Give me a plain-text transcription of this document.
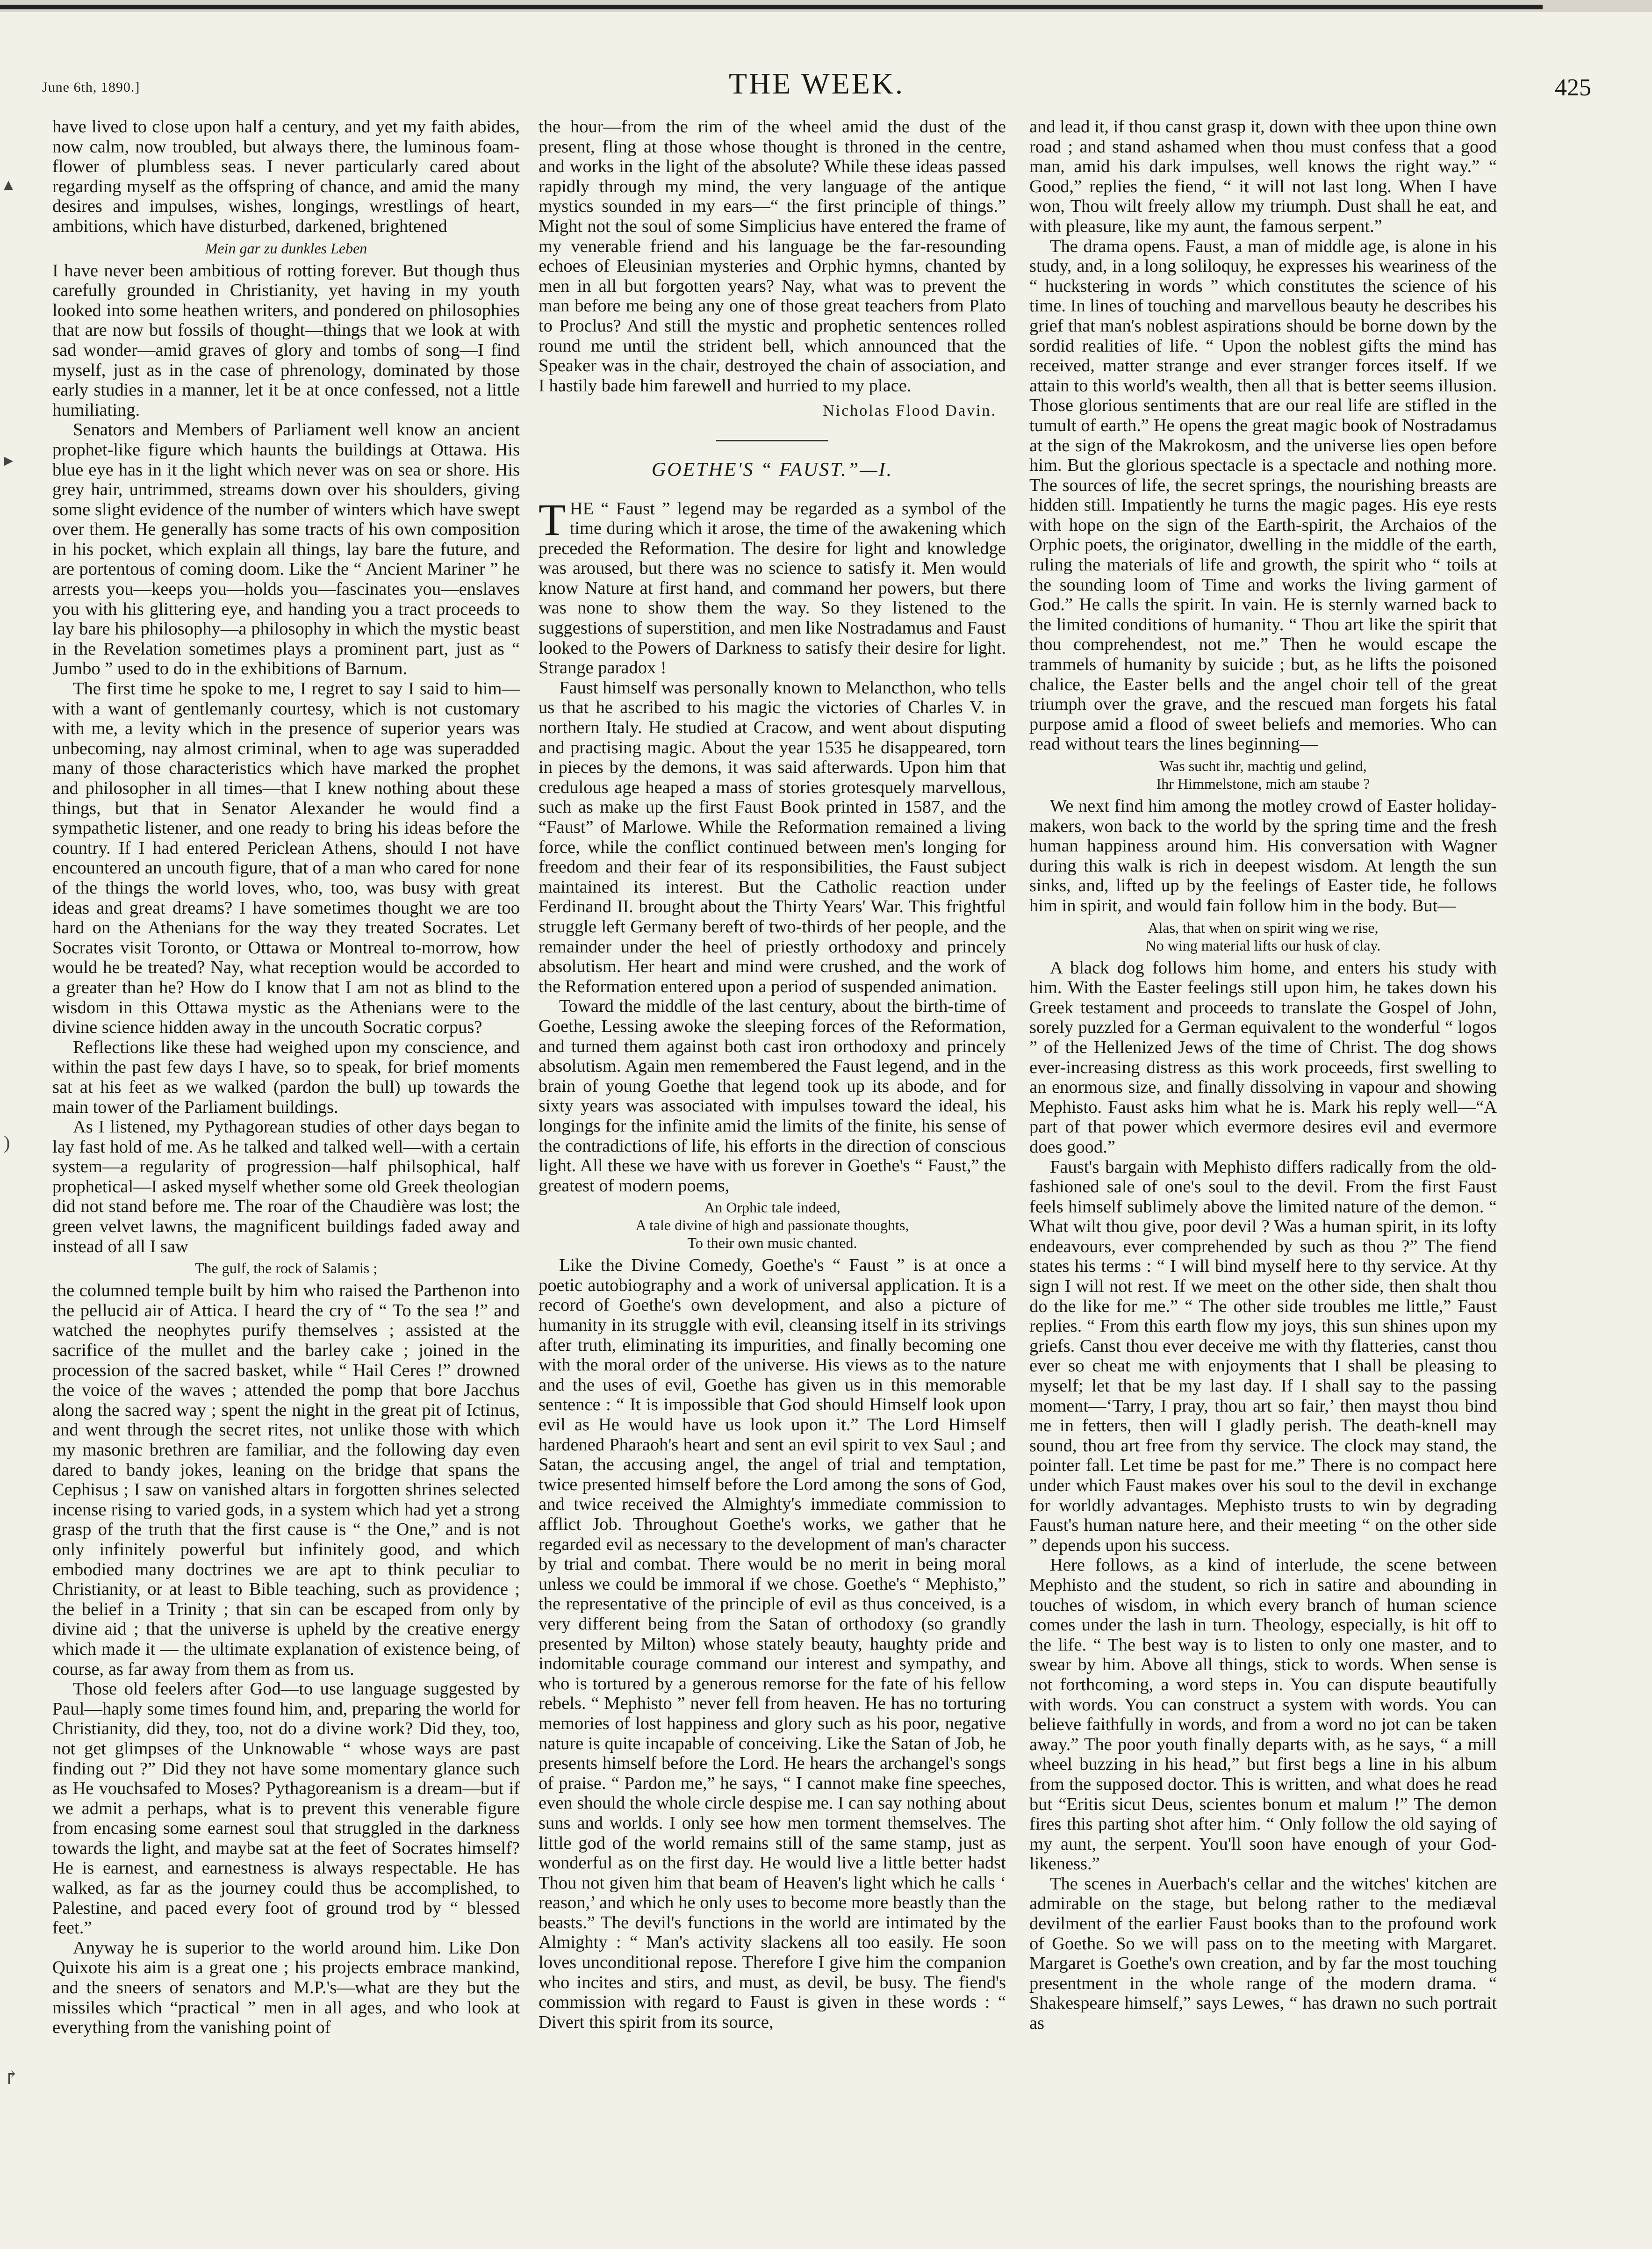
June 6th, 1890.]	THE WEEK.	425
▴
▸
)
↱

have lived to close upon half a century, and yet my faith abides, now calm, now troubled, but always there, the luminous foam-flower of plumbless seas. I never particularly cared about regarding myself as the offspring of chance, and amid the many desires and impulses, wishes, longings, wrestlings of heart, ambitions, which have disturbed, darkened, brightened

Mein gar zu dunkles Leben

I have never been ambitious of rotting forever. But though thus carefully grounded in Christianity, yet having in my youth looked into some heathen writers, and pondered on philosophies that are now but fossils of thought—things that we look at with sad wonder—amid graves of glory and tombs of song—I find myself, just as in the case of phrenology, dominated by those early studies in a manner, let it be at once confessed, not a little humiliating.

Senators and Members of Parliament well know an ancient prophet-like figure which haunts the buildings at Ottawa. His blue eye has in it the light which never was on sea or shore. His grey hair, untrimmed, streams down over his shoulders, giving some slight evidence of the number of winters which have swept over them. He generally has some tracts of his own composition in his pocket, which explain all things, lay bare the future, and are portentous of coming doom. Like the “ Ancient Mariner ” he arrests you—keeps you—holds you—fascinates you—enslaves you with his glittering eye, and handing you a tract proceeds to lay bare his philosophy—a philosophy in which the mystic beast in the Revelation sometimes plays a prominent part, just as “ Jumbo ” used to do in the exhibitions of Barnum.

The first time he spoke to me, I regret to say I said to him—with a want of gentlemanly courtesy, which is not customary with me, a levity which in the presence of superior years was unbecoming, nay almost criminal, when to age was superadded many of those characteristics which have marked the prophet and philosopher in all times—that I knew nothing about these things, but that in Senator Alexander he would find a sympathetic listener, and one ready to bring his ideas before the country. If I had entered Periclean Athens, should I not have encountered an uncouth figure, that of a man who cared for none of the things the world loves, who, too, was busy with great ideas and great dreams? I have sometimes thought we are too hard on the Athenians for the way they treated Socrates. Let Socrates visit Toronto, or Ottawa or Montreal to-morrow, how would he be treated? Nay, what reception would be accorded to a greater than he? How do I know that I am not as blind to the wisdom in this Ottawa mystic as the Athenians were to the divine science hidden away in the uncouth Socratic corpus?

Reflections like these had weighed upon my conscience, and within the past few days I have, so to speak, for brief moments sat at his feet as we walked (pardon the bull) up towards the main tower of the Parliament buildings.

As I listened, my Pythagorean studies of other days began to lay fast hold of me. As he talked and talked well—with a certain system—a regularity of progression—half philsophical, half prophetical—I asked myself whether some old Greek theologian did not stand before me. The roar of the Chaudière was lost; the green velvet lawns, the magnificent buildings faded away and instead of all I saw

The gulf, the rock of Salamis ;

the columned temple built by him who raised the Parthenon into the pellucid air of Attica. I heard the cry of “ To the sea !” and watched the neophytes purify themselves ; assisted at the sacrifice of the mullet and the barley cake ; joined in the procession of the sacred basket, while “ Hail Ceres !” drowned the voice of the waves ; attended the pomp that bore Jacchus along the sacred way ; spent the night in the great pit of Ictinus, and went through the secret rites, not unlike those with which my masonic brethren are familiar, and the following day even dared to bandy jokes, leaning on the bridge that spans the Cephisus ; I saw on vanished altars in forgotten shrines selected incense rising to varied gods, in a system which had yet a strong grasp of the truth that the first cause is “ the One,” and is not only infinitely powerful but infinitely good, and which embodied many doctrines we are apt to think peculiar to Christianity, or at least to Bible teaching, such as providence ; the belief in a Trinity ; that sin can be escaped from only by divine aid ; that the universe is upheld by the creative energy which made it — the ultimate explanation of existence being, of course, as far away from them as from us.

Those old feelers after God—to use language suggested by Paul—haply some times found him, and, preparing the world for Christianity, did they, too, not do a divine work? Did they, too, not get glimpses of the Unknowable “ whose ways are past finding out ?” Did they not have some momentary glance such as He vouchsafed to Moses? Pythagoreanism is a dream—but if we admit a perhaps, what is to prevent this venerable figure from encasing some earnest soul that struggled in the darkness towards the light, and maybe sat at the feet of Socrates himself? He is earnest, and earnestness is always respectable. He has walked, as far as the journey could thus be accomplished, to Palestine, and paced every foot of ground trod by “ blessed feet.”

Anyway he is superior to the world around him. Like Don Quixote his aim is a great one ; his projects embrace mankind, and the sneers of senators and M.P.'s—what are they but the missiles which “practical ” men in all ages, and who look at everything from the vanishing point of

the hour—from the rim of the wheel amid the dust of the present, fling at those whose thought is throned in the centre, and works in the light of the absolute? While these ideas passed rapidly through my mind, the very language of the antique mystics sounded in my ears—“ the first principle of things.” Might not the soul of some Simplicius have entered the frame of my venerable friend and his language be the far-resounding echoes of Eleusinian mysteries and Orphic hymns, chanted by men in all but forgotten years? Nay, what was to prevent the man before me being any one of those great teachers from Plato to Proclus? And still the mystic and prophetic sentences rolled round me until the strident bell, which announced that the Speaker was in the chair, destroyed the chain of association, and I hastily bade him farewell and hurried to my place.

Nicholas Flood Davin.

GOETHE'S “ FAUST.”—I.

THE “ Faust ” legend may be regarded as a symbol of the time during which it arose, the time of the awakening which preceded the Reformation. The desire for light and knowledge was aroused, but there was no science to satisfy it. Men would know Nature at first hand, and command her powers, but there was none to show them the way. So they listened to the suggestions of superstition, and men like Nostradamus and Faust looked to the Powers of Darkness to satisfy their desire for light. Strange paradox !

Faust himself was personally known to Melancthon, who tells us that he ascribed to his magic the victories of Charles V. in northern Italy. He studied at Cracow, and went about disputing and practising magic. About the year 1535 he disappeared, torn in pieces by the demons, it was said afterwards. Upon him that credulous age heaped a mass of stories grotesquely marvellous, such as make up the first Faust Book printed in 1587, and the “Faust” of Marlowe. While the Reformation remained a living force, while the conflict continued between men's longing for freedom and their fear of its responsibilities, the Faust subject maintained its interest. But the Catholic reaction under Ferdinand II. brought about the Thirty Years' War. This frightful struggle left Germany bereft of two-thirds of her people, and the remainder under the heel of priestly orthodoxy and princely absolutism. Her heart and mind were crushed, and the work of the Reformation entered upon a period of suspended animation.

Toward the middle of the last century, about the birth-time of Goethe, Lessing awoke the sleeping forces of the Reformation, and turned them against both cast iron orthodoxy and princely absolutism. Again men remembered the Faust legend, and in the brain of young Goethe that legend took up its abode, and for sixty years was associated with impulses toward the ideal, his longings for the infinite amid the limits of the finite, his sense of the contradictions of life, his efforts in the direction of conscious light. All these we have with us forever in Goethe's “ Faust,” the greatest of modern poems,

An Orphic tale indeed,

A tale divine of high and passionate thoughts,

To their own music chanted.

Like the Divine Comedy, Goethe's “ Faust ” is at once a poetic autobiography and a work of universal application. It is a record of Goethe's own development, and also a picture of humanity in its struggle with evil, cleansing itself in its strivings after truth, eliminating its impurities, and finally becoming one with the moral order of the universe. His views as to the nature and the uses of evil, Goethe has given us in this memorable sentence : “ It is impossible that God should Himself look upon evil as He would have us look upon it.” The Lord Himself hardened Pharaoh's heart and sent an evil spirit to vex Saul ; and Satan, the accusing angel, the angel of trial and temptation, twice presented himself before the Lord among the sons of God, and twice received the Almighty's immediate commission to afflict Job. Throughout Goethe's works, we gather that he regarded evil as necessary to the development of man's character by trial and combat. There would be no merit in being moral unless we could be immoral if we chose. Goethe's “ Mephisto,” the representative of the principle of evil as thus conceived, is a very different being from the Satan of orthodoxy (so grandly presented by Milton) whose stately beauty, haughty pride and indomitable courage command our interest and sympathy, and who is tortured by a generous remorse for the fate of his fellow rebels. “ Mephisto ” never fell from heaven. He has no torturing memories of lost happiness and glory such as his poor, negative nature is quite incapable of conceiving. Like the Satan of Job, he presents himself before the Lord. He hears the archangel's songs of praise. “ Pardon me,” he says, “ I cannot make fine speeches, even should the whole circle despise me. I can say nothing about suns and worlds. I only see how men torment themselves. The little god of the world remains still of the same stamp, just as wonderful as on the first day. He would live a little better hadst Thou not given him that beam of Heaven's light which he calls ‘ reason,’ and which he only uses to become more beastly than the beasts.” The devil's functions in the world are intimated by the Almighty : “ Man's activity slackens all too easily. He soon loves unconditional repose. Therefore I give him the companion who incites and stirs, and must, as devil, be busy. The fiend's commission with regard to Faust is given in these words : “ Divert this spirit from its source,

and lead it, if thou canst grasp it, down with thee upon thine own road ; and stand ashamed when thou must confess that a good man, amid his dark impulses, well knows the right way.” “ Good,” replies the fiend, “ it will not last long. When I have won, Thou wilt freely allow my triumph. Dust shall he eat, and with pleasure, like my aunt, the famous serpent.”

The drama opens. Faust, a man of middle age, is alone in his study, and, in a long soliloquy, he expresses his weariness of the “ huckstering in words ” which constitutes the science of his time. In lines of touching and marvellous beauty he describes his grief that man's noblest aspirations should be borne down by the sordid realities of life. “ Upon the noblest gifts the mind has received, matter strange and ever stranger forces itself. If we attain to this world's wealth, then all that is better seems illusion. Those glorious sentiments that are our real life are stifled in the tumult of earth.” He opens the great magic book of Nostradamus at the sign of the Makrokosm, and the universe lies open before him. But the glorious spectacle is a spectacle and nothing more. The sources of life, the secret springs, the nourishing breasts are hidden still. Impatiently he turns the magic pages. His eye rests with hope on the sign of the Earth-spirit, the Archaios of the Orphic poets, the originator, dwelling in the middle of the earth, ruling the materials of life and growth, the spirit who “ toils at the sounding loom of Time and works the living garment of God.” He calls the spirit. In vain. He is sternly warned back to the limited conditions of humanity. “ Thou art like the spirit that thou comprehendest, not me.” Then he would escape the trammels of humanity by suicide ; but, as he lifts the poisoned chalice, the Easter bells and the angel choir tell of the great triumph over the grave, and the rescued man forgets his fatal purpose amid a flood of sweet beliefs and memories. Who can read without tears the lines beginning—

Was sucht ihr, machtig und gelind,

Ihr Himmelstone, mich am staube ?

We next find him among the motley crowd of Easter holiday-makers, won back to the world by the spring time and the fresh human happiness around him. His conversation with Wagner during this walk is rich in deepest wisdom. At length the sun sinks, and, lifted up by the feelings of Easter tide, he follows him in spirit, and would fain follow him in the body. But—

Alas, that when on spirit wing we rise,

No wing material lifts our husk of clay.

A black dog follows him home, and enters his study with him. With the Easter feelings still upon him, he takes down his Greek testament and proceeds to translate the Gospel of John, sorely puzzled for a German equivalent to the wonderful “ logos ” of the Hellenized Jews of the time of Christ. The dog shows ever-increasing distress as this work proceeds, first swelling to an enormous size, and finally dissolving in vapour and showing Mephisto. Faust asks him what he is. Mark his reply well—“A part of that power which evermore desires evil and evermore does good.”

Faust's bargain with Mephisto differs radically from the old-fashioned sale of one's soul to the devil. From the first Faust feels himself sublimely above the limited nature of the demon. “ What wilt thou give, poor devil ? Was a human spirit, in its lofty endeavours, ever comprehended by such as thou ?” The fiend states his terms : “ I will bind myself here to thy service. At thy sign I will not rest. If we meet on the other side, then shalt thou do the like for me.” “ The other side troubles me little,” Faust replies. “ From this earth flow my joys, this sun shines upon my griefs. Canst thou ever deceive me with thy flatteries, canst thou ever so cheat me with enjoyments that I shall be pleasing to myself; let that be my last day. If I shall say to the passing moment—‘Tarry, I pray, thou art so fair,’ then mayst thou bind me in fetters, then will I gladly perish. The death-knell may sound, thou art free from thy service. The clock may stand, the pointer fall. Let time be past for me.” There is no compact here under which Faust makes over his soul to the devil in exchange for worldly advantages. Mephisto trusts to win by degrading Faust's human nature here, and their meeting “ on the other side ” depends upon his success.

Here follows, as a kind of interlude, the scene between Mephisto and the student, so rich in satire and abounding in touches of wisdom, in which every branch of human science comes under the lash in turn. Theology, especially, is hit off to the life. “ The best way is to listen to only one master, and to swear by him. Above all things, stick to words. When sense is not forthcoming, a word steps in. You can dispute beautifully with words. You can construct a system with words. You can believe faithfully in words, and from a word no jot can be taken away.” The poor youth finally departs with, as he says, “ a mill wheel buzzing in his head,” but first begs a line in his album from the supposed doctor. This is written, and what does he read but “Eritis sicut Deus, scientes bonum et malum !” The demon fires this parting shot after him. “ Only follow the old saying of my aunt, the serpent. You'll soon have enough of your God-likeness.”

The scenes in Auerbach's cellar and the witches' kitchen are admirable on the stage, but belong rather to the mediæval devilment of the earlier Faust books than to the profound work of Goethe. So we will pass on to the meeting with Margaret. Margaret is Goethe's own creation, and by far the most touching presentment in the whole range of the modern drama. “ Shakespeare himself,” says Lewes, “ has drawn no such portrait as
